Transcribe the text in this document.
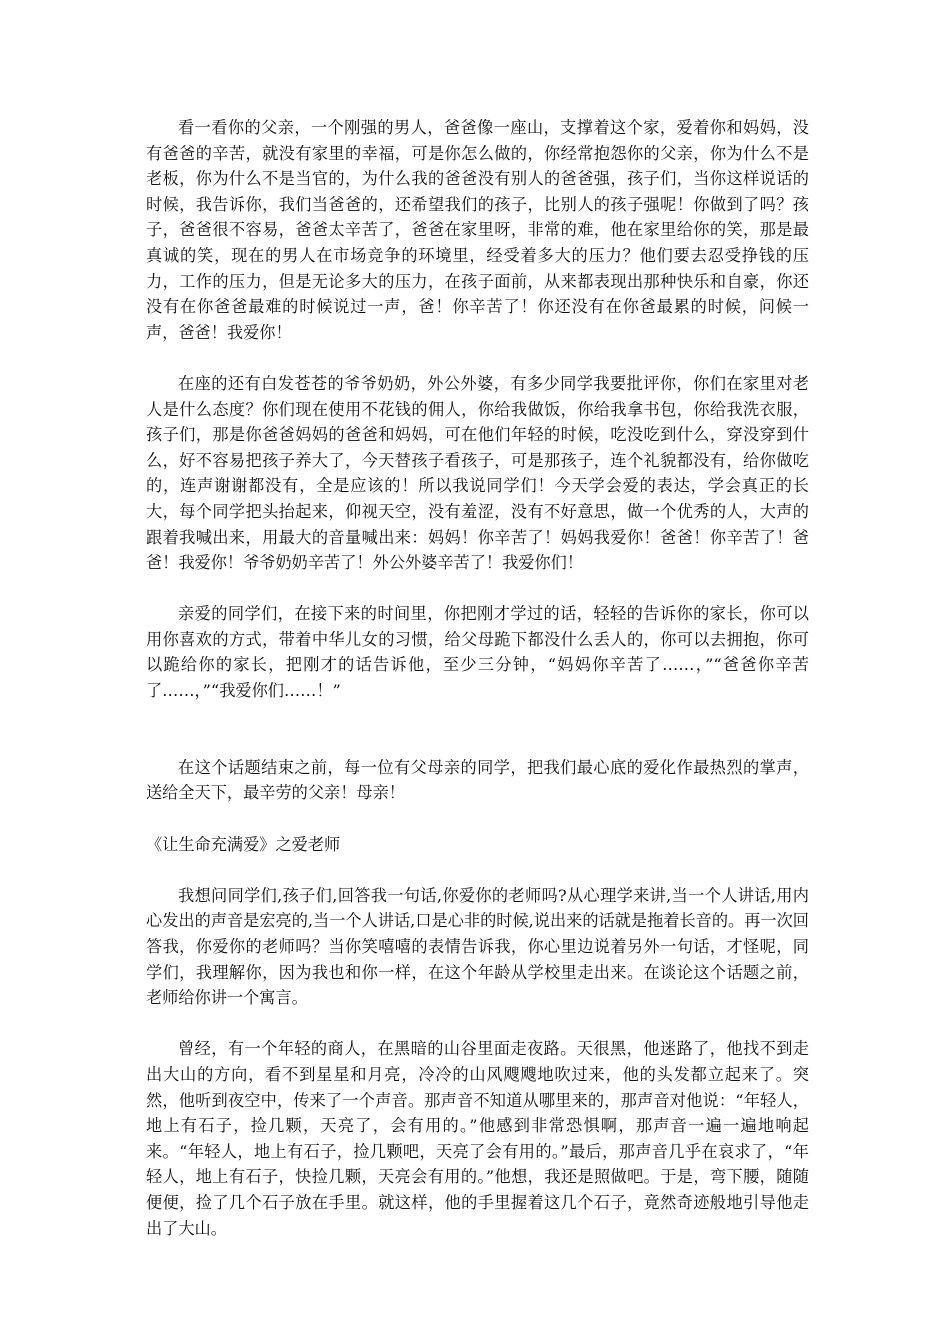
看一看你的父亲，一个刚强的男人，爸爸像一座山，支撑着这个家，爱着你和妈妈，没有爸爸的辛苦，就没有家里的幸福，可是你怎么做的，你经常抱怨你的父亲，你为什么不是老板，你为什么不是当官的，为什么我的爸爸没有别人的爸爸强，孩子们，当你这样说话的时候，我告诉你，我们当爸爸的，还希望我们的孩子，比别人的孩子强呢！你做到了吗？孩子，爸爸很不容易，爸爸太辛苦了，爸爸在家里呀，非常的难，他在家里给你的笑，那是最真诚的笑，现在的男人在市场竞争的环境里，经受着多大的压力？他们要去忍受挣钱的压力，工作的压力，但是无论多大的压力，在孩子面前，从来都表现出那种快乐和自豪，你还没有在你爸爸最难的时候说过一声，爸！你辛苦了！你还没有在你爸最累的时候，问候一声，爸爸！我爱你！

在座的还有白发苍苍的爷爷奶奶，外公外婆，有多少同学我要批评你，你们在家里对老人是什么态度？你们现在使用不花钱的佣人，你给我做饭，你给我拿书包，你给我洗衣服，孩子们，那是你爸爸妈妈的爸爸和妈妈，可在他们年轻的时候，吃没吃到什么，穿没穿到什么，好不容易把孩子养大了，今天替孩子看孩子，可是那孩子，连个礼貌都没有，给你做吃的，连声谢谢都没有，全是应该的！所以我说同学们！今天学会爱的表达，学会真正的长大，每个同学把头抬起来，仰视天空，没有羞涩，没有不好意思，做一个优秀的人，大声的跟着我喊出来，用最大的音量喊出来：妈妈！你辛苦了！妈妈我爱你！爸爸！你辛苦了！爸爸！我爱你！爷爷奶奶辛苦了！外公外婆辛苦了！我爱你们！

亲爱的同学们，在接下来的时间里，你把刚才学过的话，轻轻的告诉你的家长，你可以用你喜欢的方式，带着中华儿女的习惯，给父母跪下都没什么丢人的，你可以去拥抱，你可以跪给你的家长，把刚才的话告诉他，至少三分钟，“妈妈你辛苦了……，”“爸爸你辛苦了……，”“我爱你们……！”

在这个话题结束之前，每一位有父母亲的同学，把我们最心底的爱化作最热烈的掌声，送给全天下，最辛劳的父亲！母亲！

《让生命充满爱》之爱老师

我想问同学们,孩子们,回答我一句话,你爱你的老师吗?从心理学来讲,当一个人讲话,用内心发出的声音是宏亮的,当一个人讲话,口是心非的时候,说出来的话就是拖着长音的。再一次回答我，你爱你的老师吗？当你笑嘻嘻的表情告诉我，你心里边说着另外一句话，才怪呢，同学们，我理解你，因为我也和你一样，在这个年龄从学校里走出来。在谈论这个话题之前，老师给你讲一个寓言。

曾经，有一个年轻的商人，在黑暗的山谷里面走夜路。天很黑，他迷路了，他找不到走出大山的方向，看不到星星和月亮，冷冷的山风飕飕地吹过来，他的头发都立起来了。突然，他听到夜空中，传来了一个声音。那声音不知道从哪里来的，那声音对他说：“年轻人，地上有石子，捡几颗，天亮了，会有用的。”他感到非常恐惧啊，那声音一遍一遍地响起来。“年轻人，地上有石子，捡几颗吧，天亮了会有用的。”最后，那声音几乎在哀求了，“年轻人，地上有石子，快捡几颗，天亮会有用的。”他想，我还是照做吧。于是，弯下腰，随随便便，捡了几个石子放在手里。就这样，他的手里握着这几个石子，竟然奇迹般地引导他走出了大山。
